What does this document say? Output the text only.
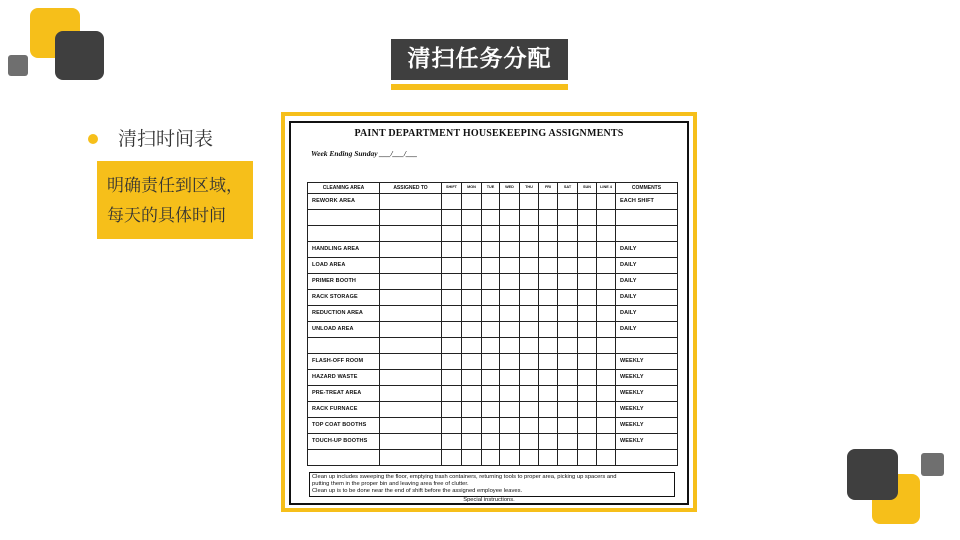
清扫任务分配
清扫时间表
明确责任到区域，
每天的具体时间
PAINT DEPARTMENT HOUSEKEEPING ASSIGNMENTS
Week Ending Sunday ___/___/___
CLEANING AREA	ASSIGNED TO	SHIFT	MON	TUE	WED	THU	FRI	SAT	SUN	LINE 4	COMMENTS
REWORK AREA											EACH SHIFT

HANDLING AREA											DAILY
LOAD AREA											DAILY
PRIMER BOOTH											DAILY
RACK STORAGE											DAILY
REDUCTION AREA											DAILY
UNLOAD AREA											DAILY

FLASH-OFF ROOM											WEEKLY
HAZARD WASTE											WEEKLY
PRE-TREAT AREA											WEEKLY
RACK FURNACE											WEEKLY
TOP COAT BOOTHS											WEEKLY
TOUCH-UP BOOTHS											WEEKLY

Clean up includes sweeping the floor, emptying trash containers, returning tools to proper area, picking up spacers and
putting them in the proper bin and leaving area free of clutter.
Clean up is to be done near the end of shift before the assigned employee leaves.
Special instructions.
